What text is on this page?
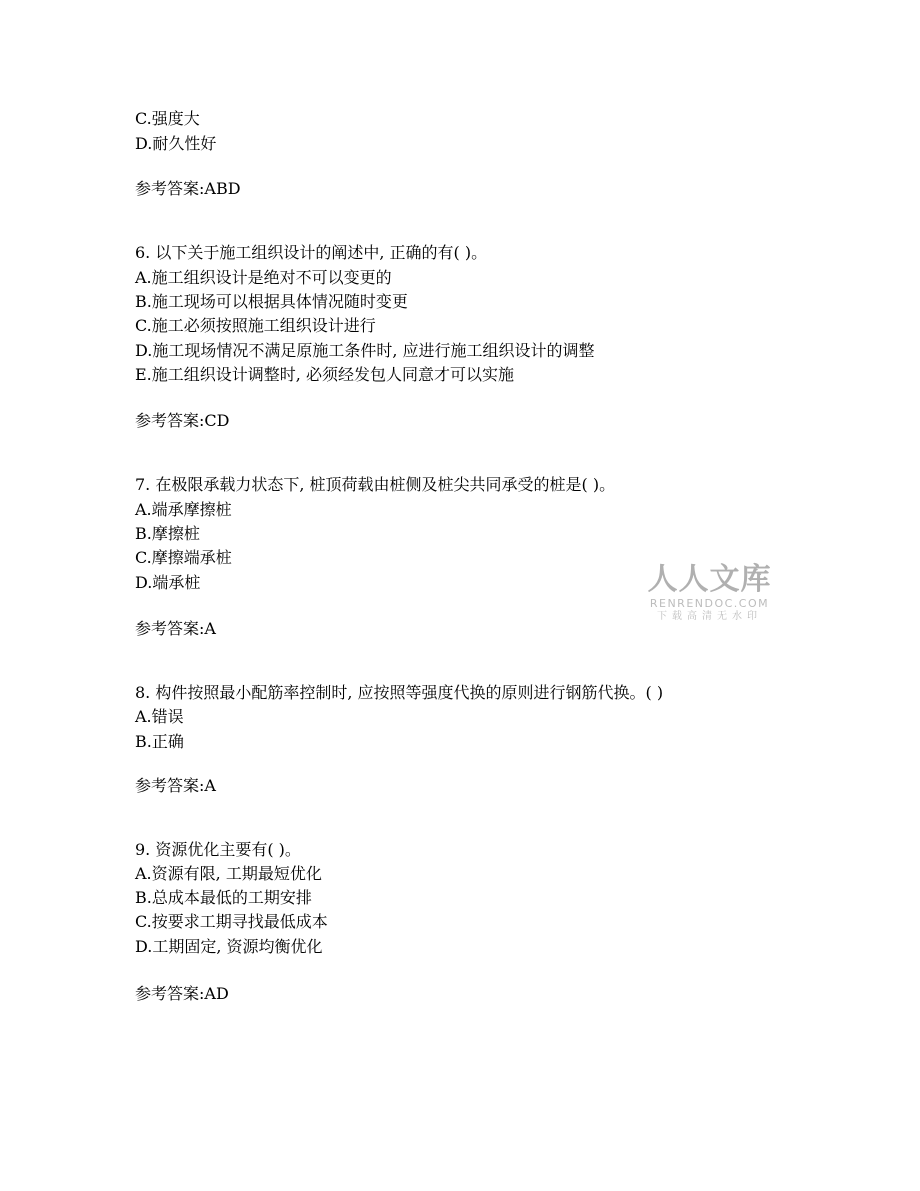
C.强度大
D.耐久性好
参考答案:ABD
6. 以下关于施工组织设计的阐述中, 正确的有( )。
A.施工组织设计是绝对不可以变更的
B.施工现场可以根据具体情况随时变更
C.施工必须按照施工组织设计进行
D.施工现场情况不满足原施工条件时, 应进行施工组织设计的调整
E.施工组织设计调整时, 必须经发包人同意才可以实施
参考答案:CD
7. 在极限承载力状态下, 桩顶荷载由桩侧及桩尖共同承受的桩是( )。
A.端承摩擦桩
B.摩擦桩
C.摩擦端承桩
D.端承桩
参考答案:A
8. 构件按照最小配筋率控制时, 应按照等强度代换的原则进行钢筋代换。( )
A.错误
B.正确
参考答案:A
9. 资源优化主要有( )。
A.资源有限, 工期最短优化
B.总成本最低的工期安排
C.按要求工期寻找最低成本
D.工期固定, 资源均衡优化
参考答案:AD
人人文库
RENRENDOC.COM
下载高清无水印
